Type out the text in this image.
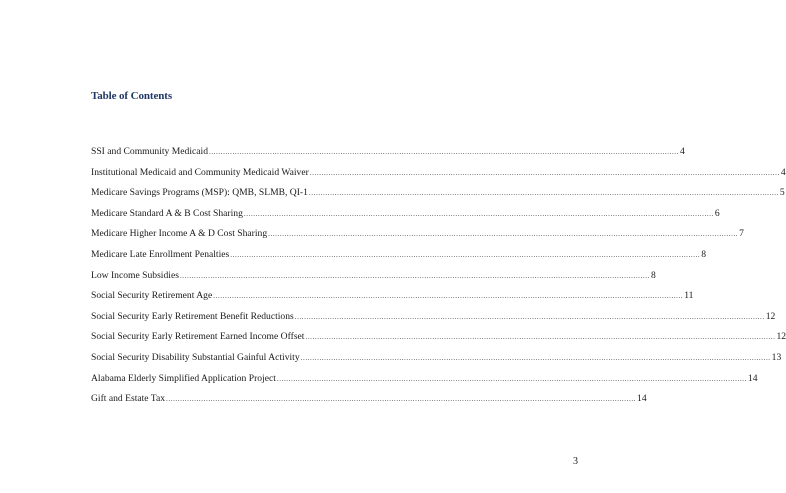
Table of Contents
SSI and Community Medicaid ........................................................................................................................................................................................................ 4
Institutional Medicaid and Community Medicaid Waiver ........................................................................................................................................................................................................ 4
Medicare Savings Programs (MSP): QMB, SLMB, QI-1 ........................................................................................................................................................................................................ 5
Medicare Standard A & B Cost Sharing ........................................................................................................................................................................................................ 6
Medicare Higher Income A & D Cost Sharing ........................................................................................................................................................................................................ 7
Medicare Late Enrollment Penalties ........................................................................................................................................................................................................ 8
Low Income Subsidies ........................................................................................................................................................................................................ 8
Social Security Retirement Age ........................................................................................................................................................................................................ 11
Social Security Early Retirement Benefit Reductions ........................................................................................................................................................................................................ 12
Social Security Early Retirement Earned Income Offset ........................................................................................................................................................................................................ 12
Social Security Disability Substantial Gainful Activity ........................................................................................................................................................................................................ 13
Alabama Elderly Simplified Application Project ........................................................................................................................................................................................................ 14
Gift and Estate Tax ........................................................................................................................................................................................................ 14
3
